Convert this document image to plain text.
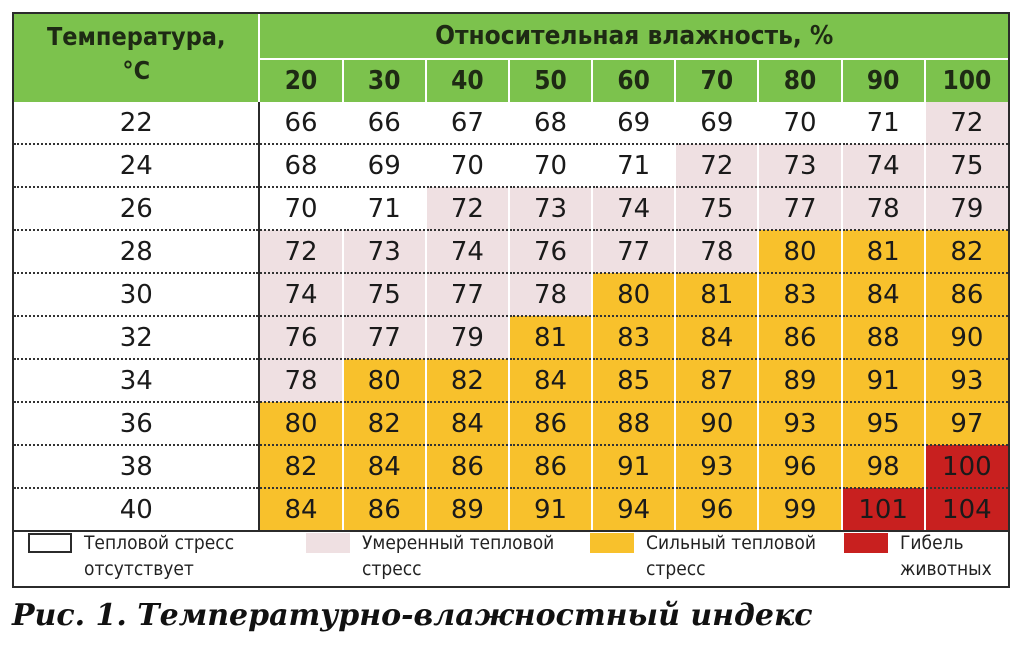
Температура,
°C	Относительная влажность, %								
	20	30	40	50	60	70	80	90	100
22	66	66	67	68	69	69	70	71	72
24	68	69	70	70	71	72	73	74	75
26	70	71	72	73	74	75	77	78	79
28	72	73	74	76	77	78	80	81	82
30	74	75	77	78	80	81	83	84	86
32	76	77	79	81	83	84	86	88	90
34	78	80	82	84	85	87	89	91	93
36	80	82	84	86	88	90	93	95	97
38	82	84	86	86	91	93	96	98	100
40	84	86	89	91	94	96	99	101	104
Тепловой стресс
отсутствует
Умеренный тепловой
стресс
Сильный тепловой
стресс
Гибель
животных
Рис. 1. Температурно-влажностный индекс
